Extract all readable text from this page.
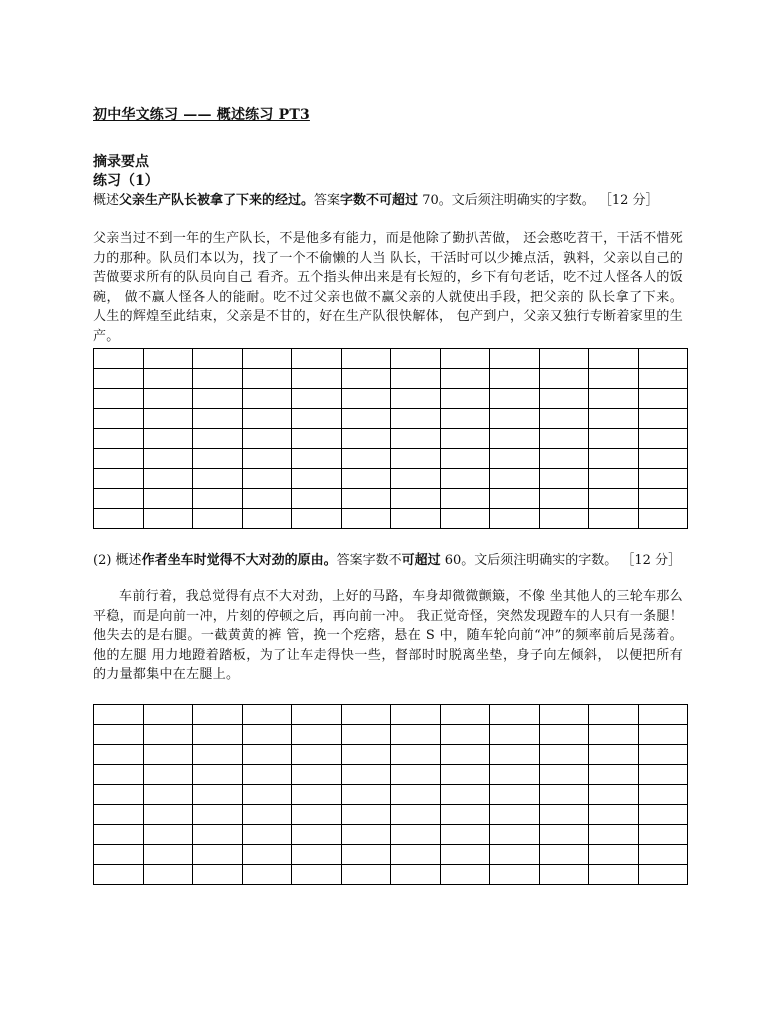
初中华文练习 —— 概述练习 PT3
摘录要点
练习（1）
概述父亲生产队长被拿了下来的经过。答案字数不可超过 70。文后须注明确实的字数。 ［12 分］
父亲当过不到一年的生产队长，不是他多有能力，而是他除了勤扒苦做， 还会憨吃苕干，干活不惜死力的那种。队员们本以为，找了一个不偷懒的人当 队长，干活时可以少摊点活，孰料，父亲以自己的苦做要求所有的队员向自己 看齐。五个指头伸出来是有长短的，乡下有句老话，吃不过人怪各人的饭碗， 做不赢人怪各人的能耐。吃不过父亲也做不赢父亲的人就使出手段，把父亲的 队长拿了下来。人生的辉煌至此结束，父亲是不甘的，好在生产队很快解体， 包产到户，父亲又独行专断着家里的生产。

(2) 概述作者坐车时觉得不大对劲的原由。答案字数不可超过 60。文后须注明确实的字数。 ［12 分］
车前行着，我总觉得有点不大对劲，上好的马路，车身却微微颤簸，不像 坐其他人的三轮车那么平稳，而是向前一冲，片刻的停顿之后，再向前一冲。 我正觉奇怪，突然发现蹬车的人只有一条腿！他失去的是右腿。一截黄黄的裤 管，挽一个疙瘩，悬在 S 中，随车轮向前“冲”的频率前后晃荡着。他的左腿 用力地蹬着踏板，为了让车走得快一些，督部时时脱离坐垫，身子向左倾斜， 以便把所有的力量都集中在左腿上。
